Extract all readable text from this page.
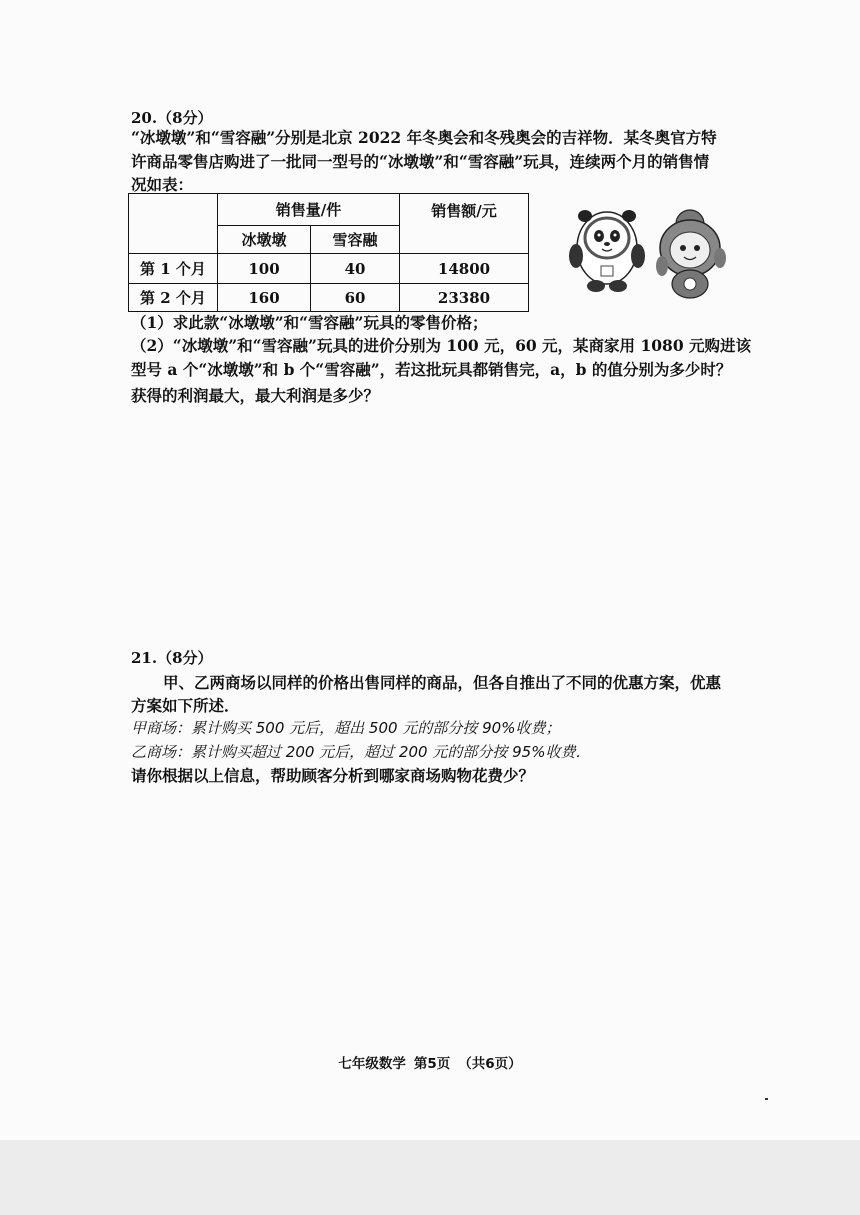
20.（8分）
“冰墩墩”和“雪容融”分别是北京 2022 年冬奥会和冬残奥会的吉祥物．某冬奥官方特
许商品零售店购进了一批同一型号的“冰墩墩”和“雪容融”玩具，连续两个月的销售情
况如表：
	销售量/件		销售额/元
	冰墩墩	雪容融	
第 1 个月	100	40	14800
第 2 个月	160	60	23380
（1）求此款“冰墩墩”和“雪容融”玩具的零售价格；
（2）“冰墩墩”和“雪容融”玩具的进价分别为 100 元，60 元，某商家用 1080 元购进该
型号 a 个“冰墩墩”和 b 个“雪容融”，若这批玩具都销售完，a，b 的值分别为多少时？
获得的利润最大，最大利润是多少？
21.（8分）
甲、乙两商场以同样的价格出售同样的商品，但各自推出了不同的优惠方案，优惠
方案如下所述．
甲商场：累计购买 500 元后，超出 500 元的部分按 90%收费；
乙商场：累计购买超过 200 元后，超过 200 元的部分按 95%收费．
请你根据以上信息，帮助顾客分析到哪家商场购物花费少？
七年级数学 第5页 （共6页）
